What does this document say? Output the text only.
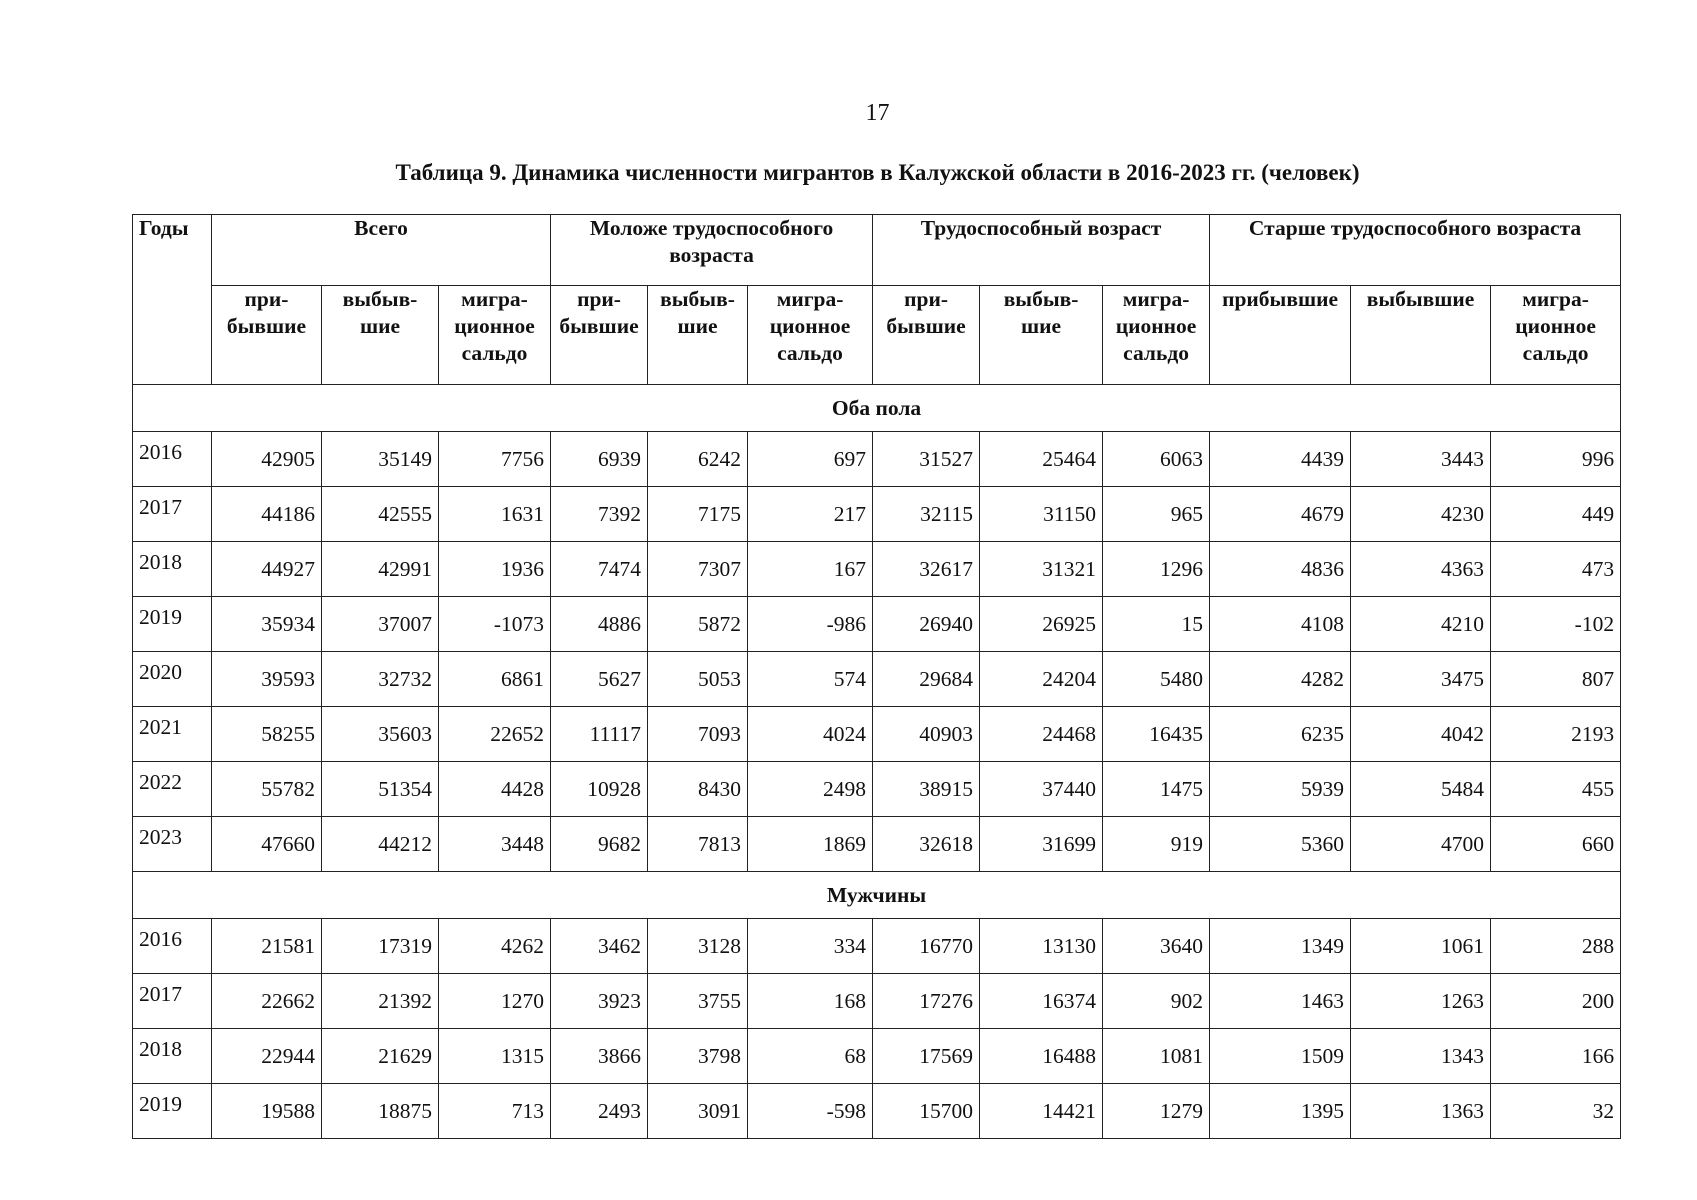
17
Таблица 9. Динамика численности мигрантов в Калужской области в 2016-2023 гг. (человек)
Годы	Всего			Моложе трудоспособного возраста			Трудоспособный возраст			Старше трудоспособного возраста		
	при- бывшие	выбыв- шие	мигра- ционное сальдо	при- бывшие	выбыв- шие	мигра- ционное сальдо	при- бывшие	выбыв- шие	мигра- ционное сальдо	прибывшие	выбывшие	мигра- ционное сальдо
Оба пола												
2016	42905	35149	7756	6939	6242	697	31527	25464	6063	4439	3443	996
2017	44186	42555	1631	7392	7175	217	32115	31150	965	4679	4230	449
2018	44927	42991	1936	7474	7307	167	32617	31321	1296	4836	4363	473
2019	35934	37007	-1073	4886	5872	-986	26940	26925	15	4108	4210	-102
2020	39593	32732	6861	5627	5053	574	29684	24204	5480	4282	3475	807
2021	58255	35603	22652	11117	7093	4024	40903	24468	16435	6235	4042	2193
2022	55782	51354	4428	10928	8430	2498	38915	37440	1475	5939	5484	455
2023	47660	44212	3448	9682	7813	1869	32618	31699	919	5360	4700	660
Мужчины												
2016	21581	17319	4262	3462	3128	334	16770	13130	3640	1349	1061	288
2017	22662	21392	1270	3923	3755	168	17276	16374	902	1463	1263	200
2018	22944	21629	1315	3866	3798	68	17569	16488	1081	1509	1343	166
2019	19588	18875	713	2493	3091	-598	15700	14421	1279	1395	1363	32
